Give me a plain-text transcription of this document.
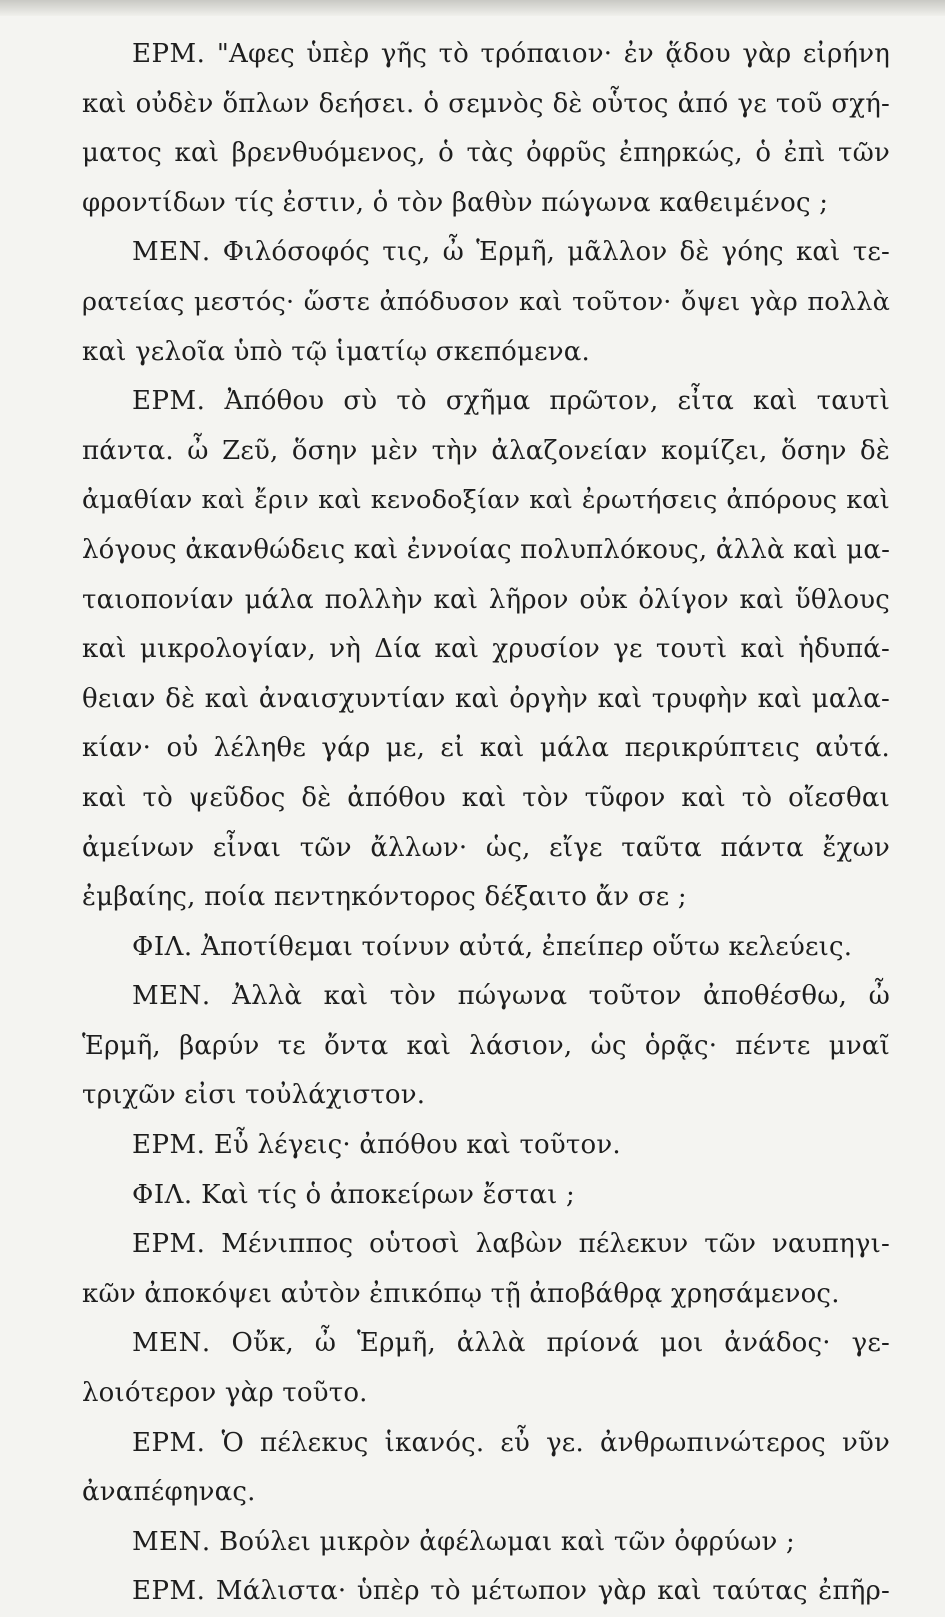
ΕΡΜ. "Αφες ὑπὲρ γῆς τὸ τρόπαιον· ἐν ᾅδου γὰρ εἰρήνη
καὶ οὐδὲν ὅπλων δεήσει. ὁ σεμνὸς δὲ οὗτος ἀπό γε τοῦ σχή-
ματος καὶ βρενθυόμενος, ὁ τὰς ὀφρῦς ἐπηρκώς, ὁ ἐπὶ τῶν
φροντίδων τίς ἐστιν, ὁ τὸν βαθὺν πώγωνα καθειμένος ;
ΜΕΝ. Φιλόσοφός τις, ὦ Ἑρμῆ, μᾶλλον δὲ γόης καὶ τε-
ρατείας μεστός· ὥστε ἀπόδυσον καὶ τοῦτον· ὄψει γὰρ πολλὰ
καὶ γελοῖα ὑπὸ τῷ ἱματίῳ σκεπόμενα.
ΕΡΜ. Ἀπόθου σὺ τὸ σχῆμα πρῶτον, εἶτα καὶ ταυτὶ
πάντα. ὦ Ζεῦ, ὅσην μὲν τὴν ἀλαζονείαν κομίζει, ὅσην δὲ
ἀμαθίαν καὶ ἔριν καὶ κενοδοξίαν καὶ ἐρωτήσεις ἀπόρους καὶ
λόγους ἀκανθώδεις καὶ ἐννοίας πολυπλόκους, ἀλλὰ καὶ μα-
ταιοπονίαν μάλα πολλὴν καὶ λῆρον οὐκ ὀλίγον καὶ ὕθλους
καὶ μικρολογίαν, νὴ Δία καὶ χρυσίον γε τουτὶ καὶ ἡδυπά-
θειαν δὲ καὶ ἀναισχυντίαν καὶ ὀργὴν καὶ τρυφὴν καὶ μαλα-
κίαν· οὐ λέληθε γάρ με, εἰ καὶ μάλα περικρύπτεις αὐτά.
καὶ τὸ ψεῦδος δὲ ἀπόθου καὶ τὸν τῦφον καὶ τὸ οἴεσθαι
ἀμείνων εἶναι τῶν ἄλλων· ὡς, εἴγε ταῦτα πάντα ἔχων
ἐμβαίης, ποία πεντηκόντορος δέξαιτο ἄν σε ;
ΦΙΛ. Ἀποτίθεμαι τοίνυν αὐτά, ἐπείπερ οὕτω κελεύεις.
ΜΕΝ. Ἀλλὰ καὶ τὸν πώγωνα τοῦτον ἀποθέσθω, ὦ
Ἑρμῆ, βαρύν τε ὄντα καὶ λάσιον, ὡς ὁρᾷς· πέντε μναῖ
τριχῶν εἰσι τοὐλάχιστον.
ΕΡΜ. Εὖ λέγεις· ἀπόθου καὶ τοῦτον.
ΦΙΛ. Καὶ τίς ὁ ἀποκείρων ἔσται ;
ΕΡΜ. Μένιππος οὑτοσὶ λαβὼν πέλεκυν τῶν ναυπηγι-
κῶν ἀποκόψει αὐτὸν ἐπικόπῳ τῇ ἀποβάθρᾳ χρησάμενος.
ΜΕΝ. Οὔκ, ὦ Ἑρμῆ, ἀλλὰ πρίονά μοι ἀνάδος· γε-
λοιότερον γὰρ τοῦτο.
ΕΡΜ. Ὁ πέλεκυς ἱκανός. εὖ γε. ἀνθρωπινώτερος νῦν
ἀναπέφηνας.
ΜΕΝ. Βούλει μικρὸν ἀφέλωμαι καὶ τῶν ὀφρύων ;
ΕΡΜ. Μάλιστα· ὑπὲρ τὸ μέτωπον γὰρ καὶ ταύτας ἐπῆρ-
